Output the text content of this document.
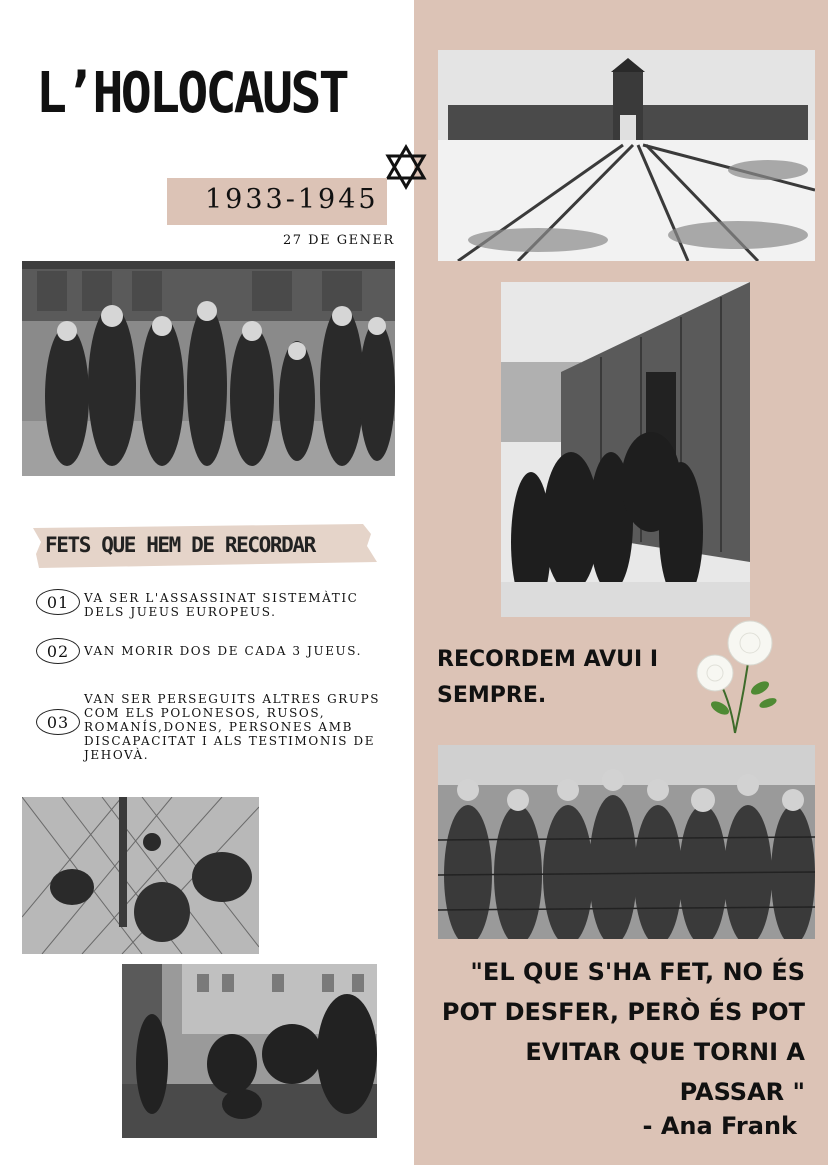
L’HOLOCAUST
1933-1945
27 DE GENER
FETS QUE HEM DE RECORDAR
01	VA SER L'ASSASSINAT SISTEMÀTIC DELS JUEUS EUROPEUS.
02	VAN MORIR DOS DE CADA 3 JUEUS.
03
VAN SER PERSEGUITS ALTRES GRUPS COM ELS POLONESOS, RUSOS, ROMANÍS,DONES, PERSONES AMB DISCAPACITAT I ALS TESTIMONIS DE JEHOVÀ.
RECORDEM AVUI I SEMPRE.
"EL QUE S'HA FET, NO ÉS POT DESFER, PERÒ ÉS POT EVITAR QUE TORNI A PASSAR "
- Ana Frank
